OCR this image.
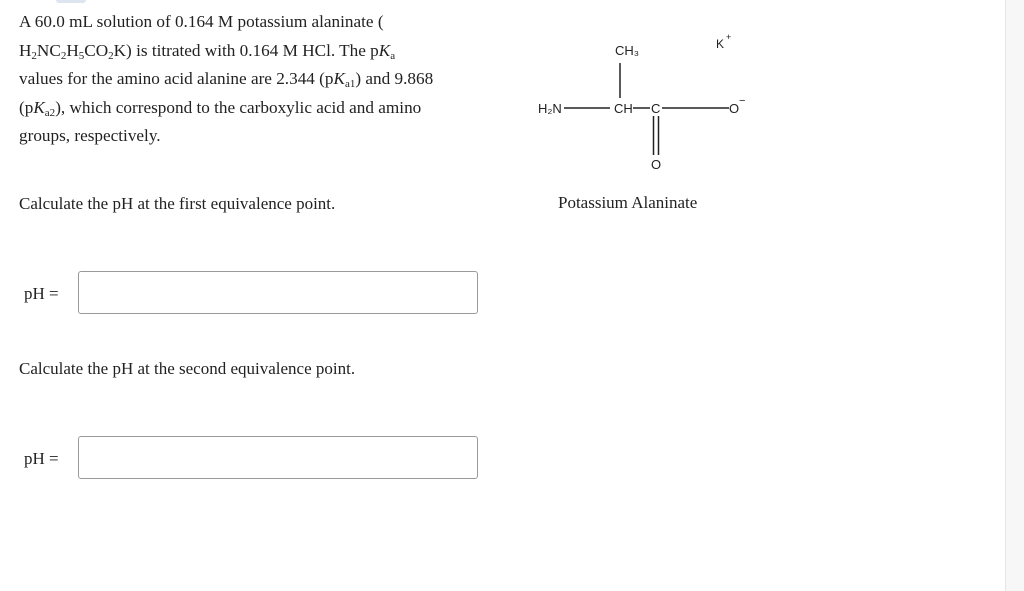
A 60.0 mL solution of 0.164 M potassium alaninate (
$H_2NC_2H_5CO_2K$) is titrated with 0.164 M HCl. The $pK_a$
values for the amino acid alanine are 2.344 $(pK_{a1})$ and 9.868
$(pK_{a2})$, which correspond to the carboxylic acid and amino
groups, respectively.
Calculate the pH at the first equivalence point.
pH =
Calculate the pH at the second equivalence point.
pH =
CH₃	K +
H₂N	CH C	O −
O
Potassium Alaninate
